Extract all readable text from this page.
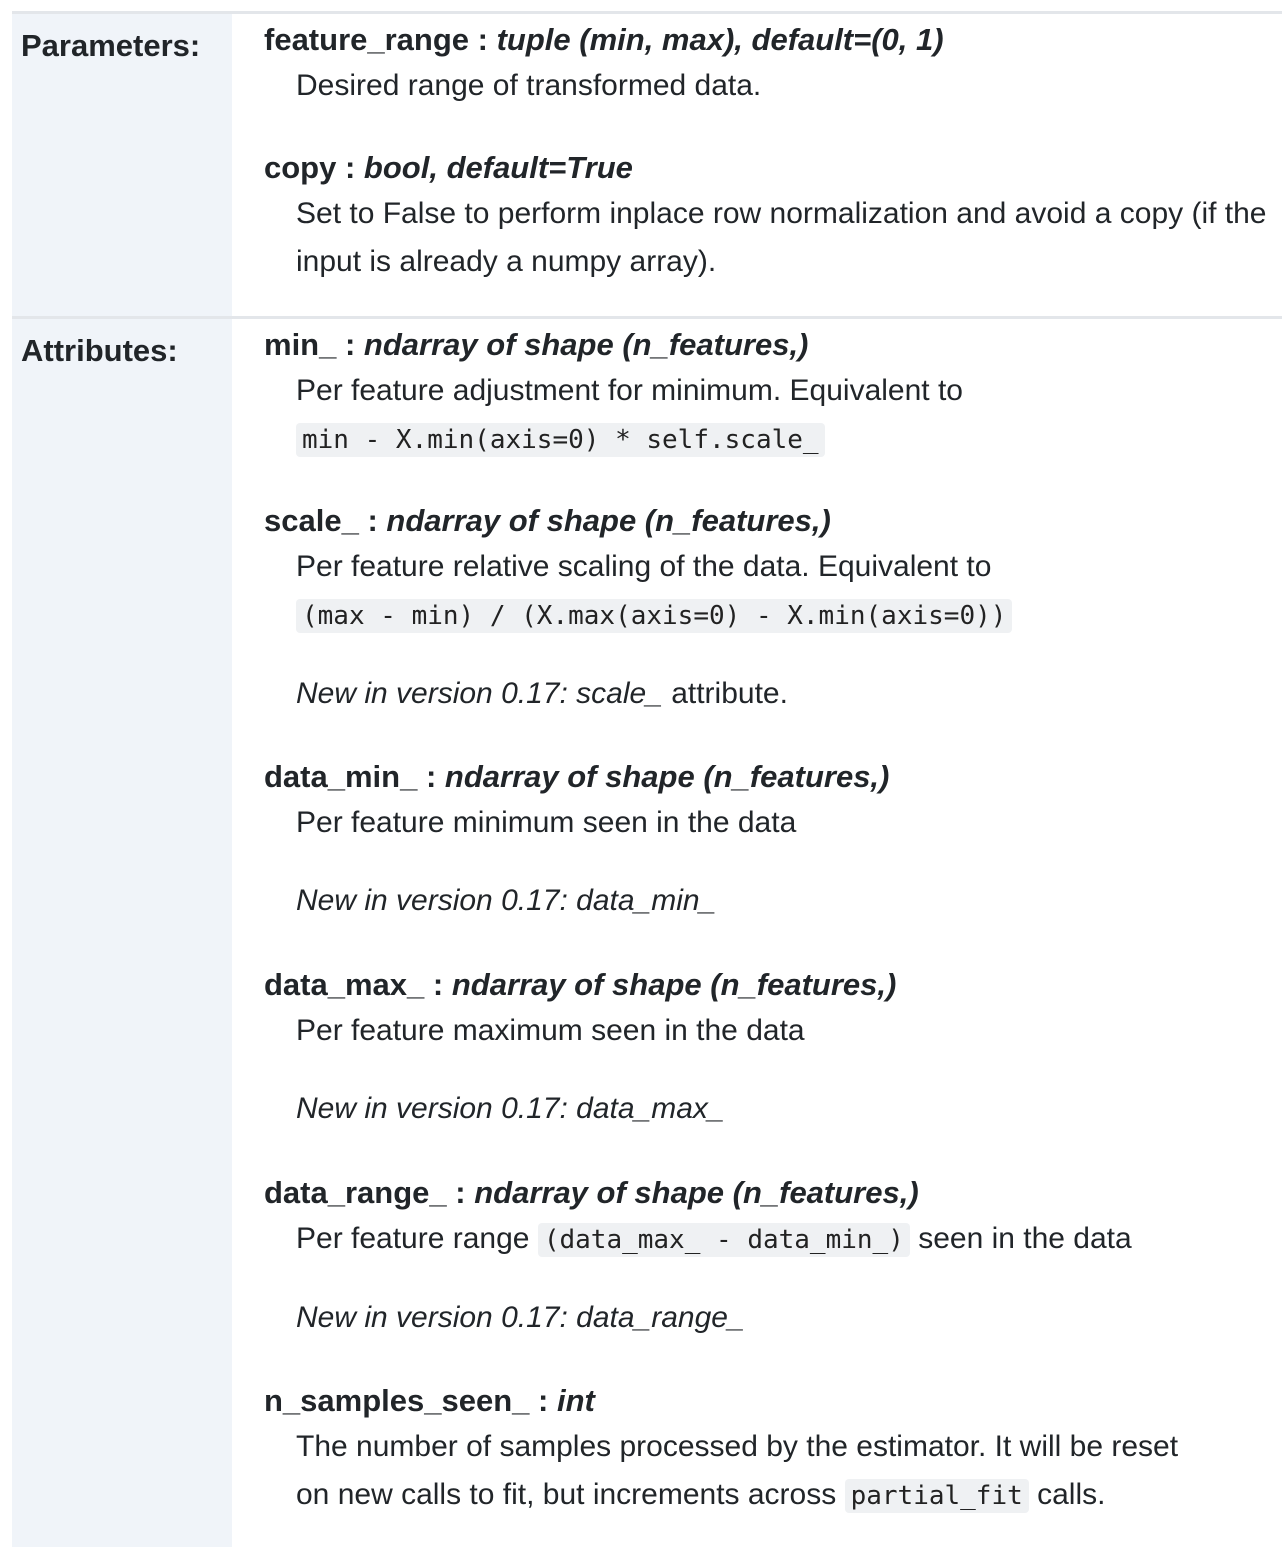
Parameters: feature_range : tuple (min, max), default=(0, 1)

Desired range of transformed data.

copy : bool, default=True

Set to False to perform inplace row normalization and avoid a copy (if the input is already a numpy array).

Attributes:	min_ : ndarray of shape (n_features,)

Per feature adjustment for minimum. Equivalent to

min - X.min(axis=0) * self.scale_

scale_ : ndarray of shape (n_features,)

Per feature relative scaling of the data. Equivalent to

(max - min) / (X.max(axis=0) - X.min(axis=0))

New in version 0.17: scale_ attribute.

data_min_ : ndarray of shape (n_features,)

Per feature minimum seen in the data

New in version 0.17: data_min_

data_max_ : ndarray of shape (n_features,)

Per feature maximum seen in the data

New in version 0.17: data_max_

data_range_ : ndarray of shape (n_features,)

Per feature range (data_max_ - data_min_) seen in the data

New in version 0.17: data_range_

n_samples_seen_ : int

The number of samples processed by the estimator. It will be reset

on new calls to fit, but increments across partial_fit calls.
